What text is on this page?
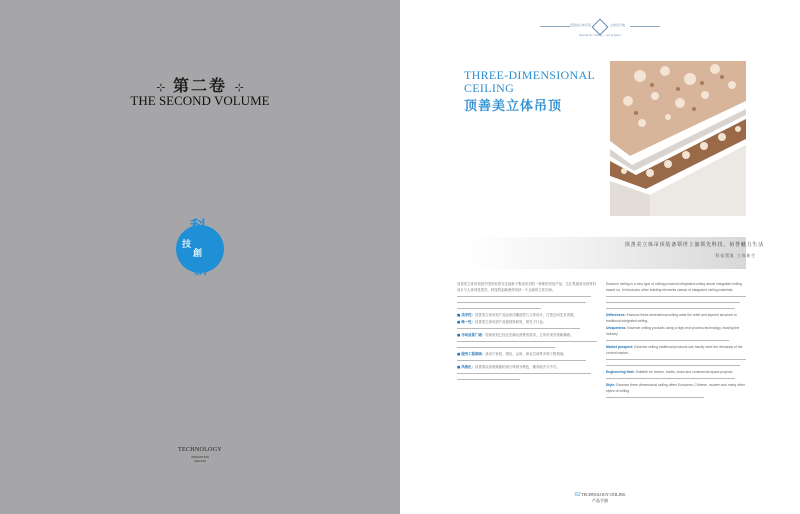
⊹ 第二卷 ⊹
THE SECOND VOLUME
科
技
創
新
TECHNOLOGY
INNOVATING
CEILING
顶善美立体吊顶	立体顶天地
Beyond the Ceiling — Art of Space
THREE-DIMENSIONAL
CEILING
顶善美立体吊顶
顶善美立体吊顶装备领世上演领先科技，佰誉魅力生活
科技置巢 立体新生

顶善美立体吊顶是中国首家将完全创新于集成吊顶的一种新型吊顶产品，它汇集最高吊顶材料设计与人体视觉美学，科技的创新使得吊顶一个全新的立体空间。

■ 美学性：顶善美立体吊顶产品运用浮雕造型与立体设计，打造空间艺术美感。

■ 唯一性：顶善美立体吊顶产品是独家研发，领先于行业。

■ 市场前景广阔：传统吊顶已经无法满足消费者需求，立体吊顶引领新潮流。

■ 服务工程领域：适用于家居、酒店、会所、商业空间等多种工程领域。

■ 风格化：顶善美以高贵典雅的设计风格为特色，兼具欧式与中式。

Essence ceiling is a new type of ceiling products integrated ceiling above integrated ceiling based on, it introduces other building elements classic of integrated ceiling materials.

Differences: Essence three-dimensional ceiling adds the relief and layered structure to traditional integrated ceiling.

Uniqueness: Essence ceiling products using a high-end process technology, leading the industry.

Market prospect: Essence ceiling traditional products can hardly meet the demands of the current market.

Engineering field: Suitable for homes, hotels, clubs and commercial space projects.

Style: Essence three-dimensional ceiling offers European, Chinese, modern and many other styles of ceiling.

02 TECHNOLOGY CEILING
产品手册
